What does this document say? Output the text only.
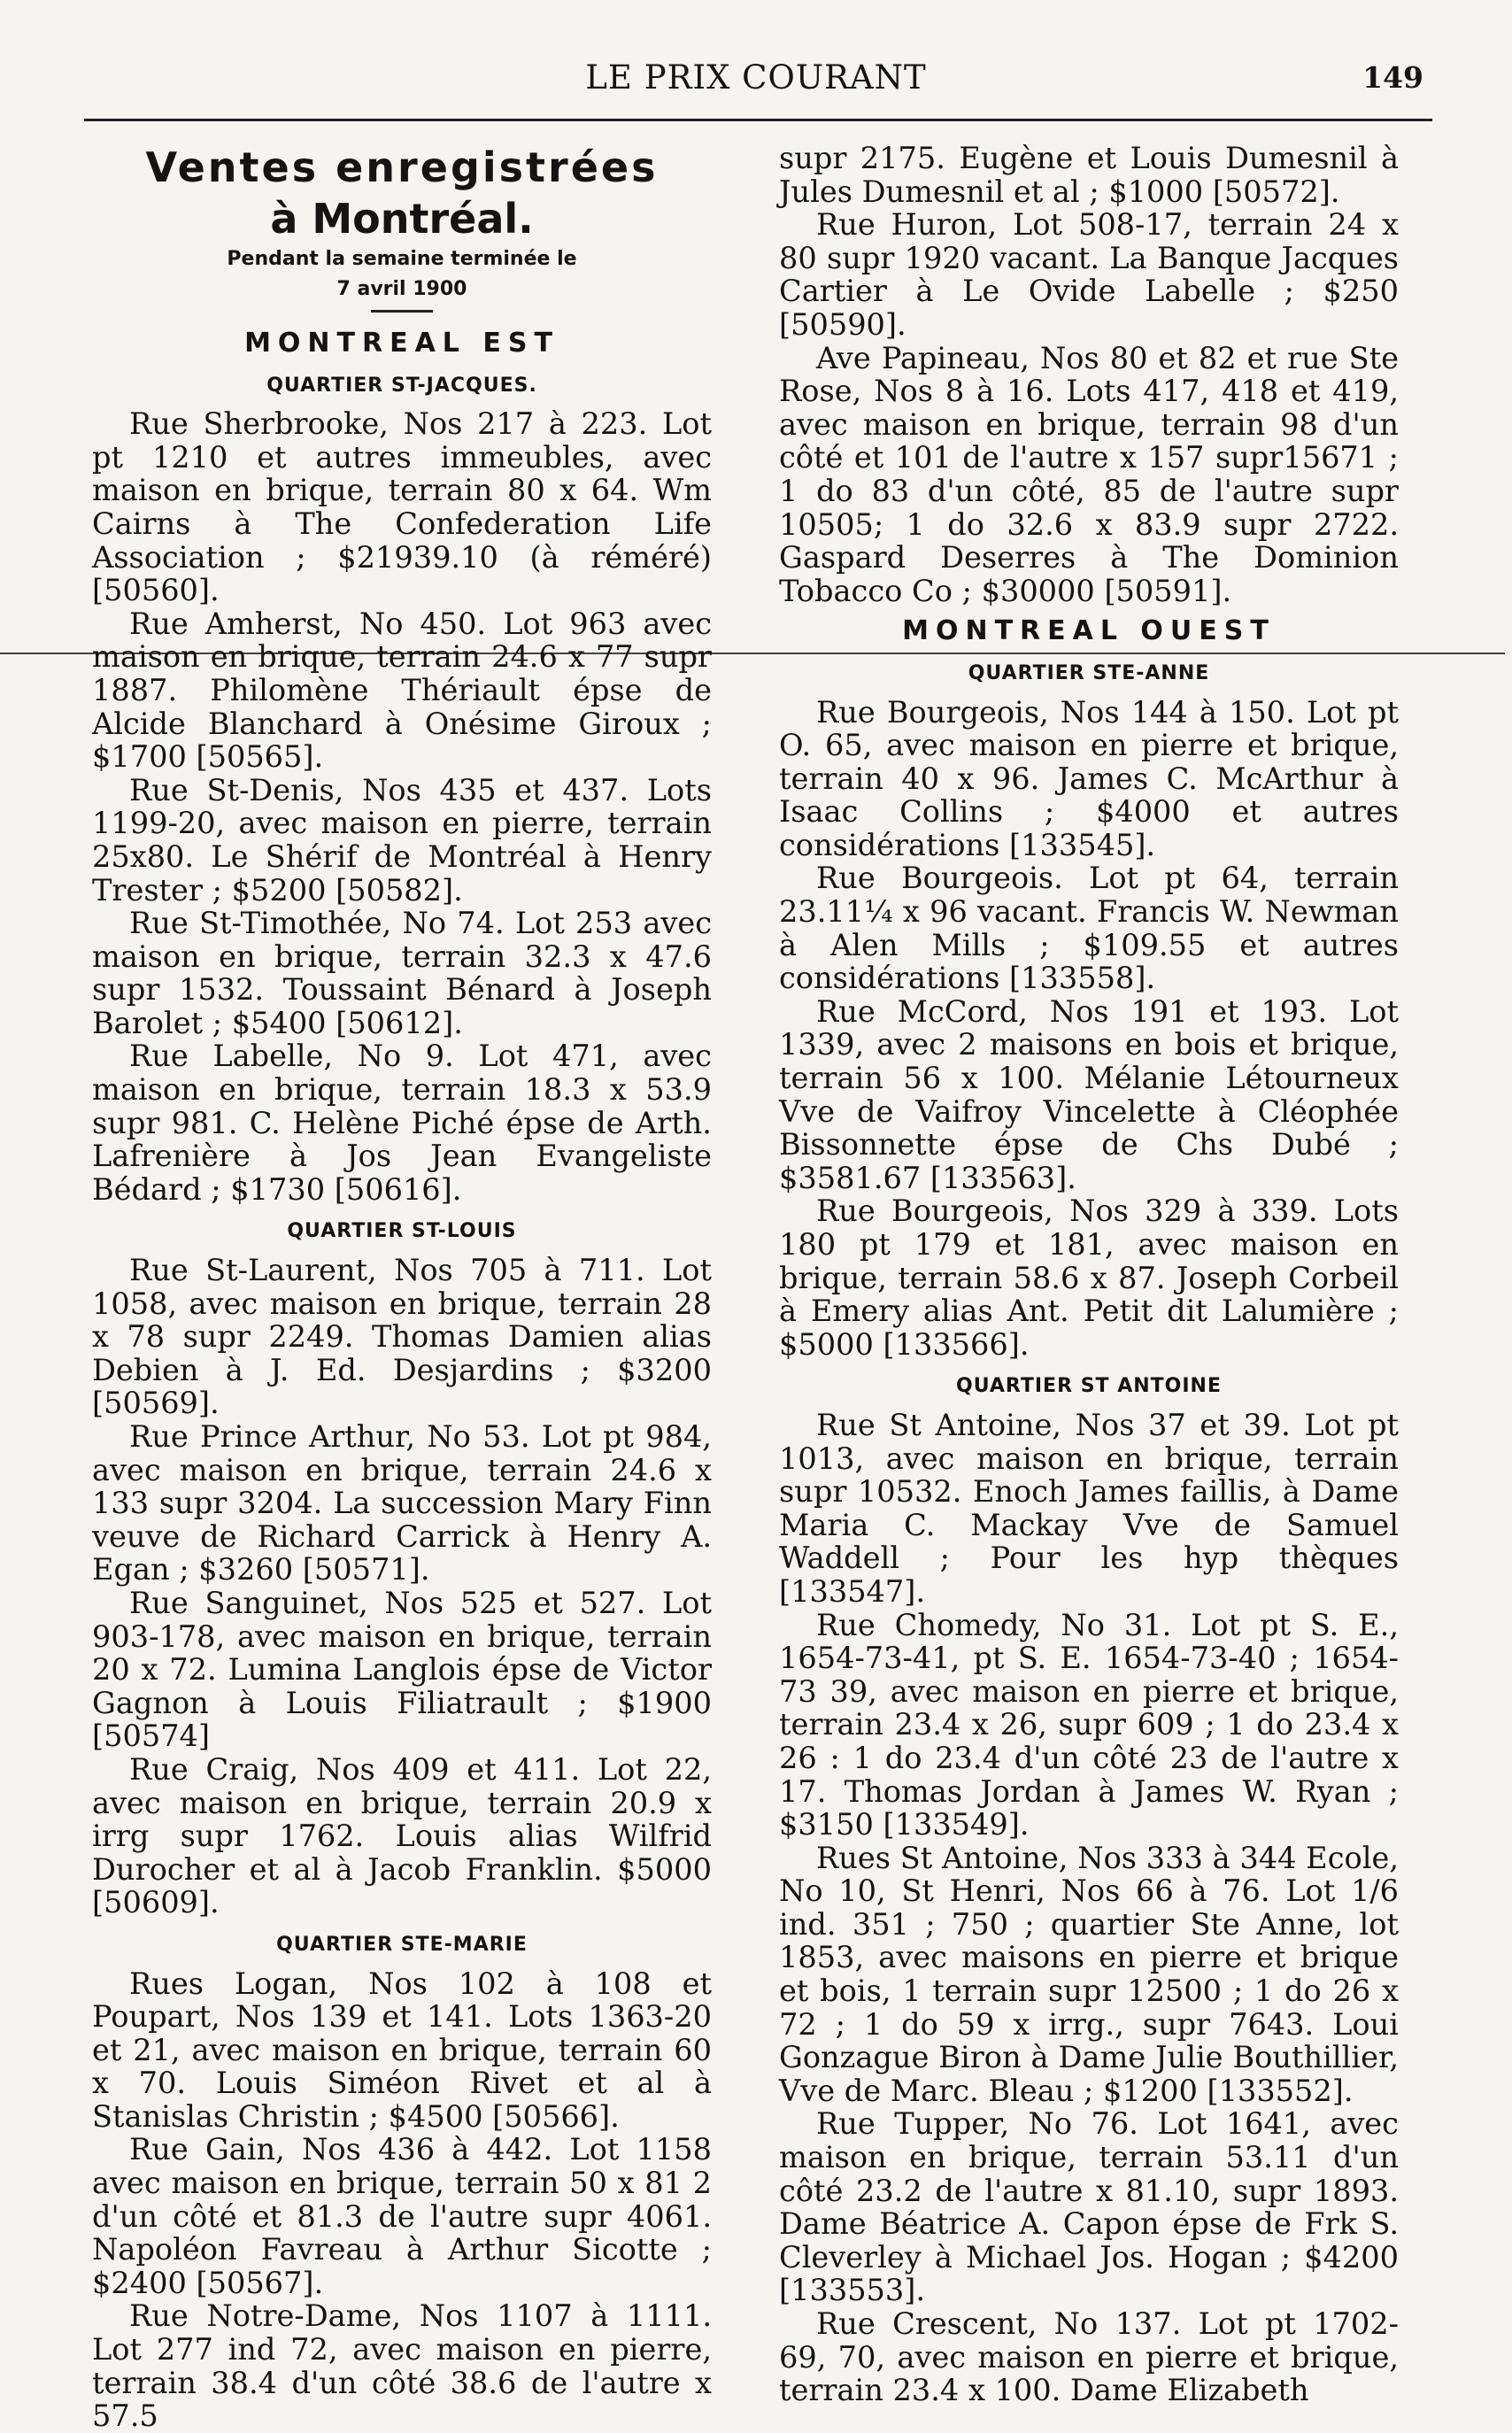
LE PRIX COURANT	149
Ventes enregistrées
à Montréal.
Pendant la semaine terminée le
7 avril 1900
MONTREAL EST
QUARTIER ST-JACQUES.

Rue Sherbrooke, Nos 217 à 223. Lot pt 1210 et autres immeubles, avec maison en brique, terrain 80 x 64. Wm Cairns à The Confederation Life Association ; $21939.10 (à réméré) [50560].

Rue Amherst, No 450. Lot 963 avec maison en brique, terrain 24.6 x 77 supr 1887. Philomène Thériault épse de Alcide Blanchard à Onésime Giroux ; $1700 [50565].

Rue St-Denis, Nos 435 et 437. Lots 1199-20, avec maison en pierre, terrain 25x80. Le Shérif de Montréal à Henry Trester ; $5200 [50582].

Rue St-Timothée, No 74. Lot 253 avec maison en brique, terrain 32.3 x 47.6 supr 1532. Toussaint Bénard à Joseph Barolet ; $5400 [50612].

Rue Labelle, No 9. Lot 471, avec maison en brique, terrain 18.3 x 53.9 supr 981. C. Helène Piché épse de Arth. Lafrenière à Jos Jean Evangeliste Bédard ; $1730 [50616].

QUARTIER ST-LOUIS

Rue St-Laurent, Nos 705 à 711. Lot 1058, avec maison en brique, terrain 28 x 78 supr 2249. Thomas Damien alias Debien à J. Ed. Desjardins ; $3200 [50569].

Rue Prince Arthur, No 53. Lot pt 984, avec maison en brique, terrain 24.6 x 133 supr 3204. La succession Mary Finn veuve de Richard Carrick à Henry A. Egan ; $3260 [50571].

Rue Sanguinet, Nos 525 et 527. Lot 903-178, avec maison en brique, terrain 20 x 72. Lumina Langlois épse de Victor Gagnon à Louis Filiatrault ; $1900 [50574]

Rue Craig, Nos 409 et 411. Lot 22, avec maison en brique, terrain 20.9 x irrg supr 1762. Louis alias Wilfrid Durocher et al à Jacob Franklin. $5000 [50609].

QUARTIER STE-MARIE

Rues Logan, Nos 102 à 108 et Poupart, Nos 139 et 141. Lots 1363-20 et 21, avec maison en brique, terrain 60 x 70. Louis Siméon Rivet et al à Stanislas Christin ; $4500 [50566].

Rue Gain, Nos 436 à 442. Lot 1158 avec maison en brique, terrain 50 x 81 2 d'un côté et 81.3 de l'autre supr 4061. Napoléon Favreau à Arthur Sicotte ; $2400 [50567].

Rue Notre-Dame, Nos 1107 à 1111. Lot 277 ind 72, avec maison en pierre, terrain 38.4 d'un côté 38.6 de l'autre x 57.5

supr 2175. Eugène et Louis Dumesnil à Jules Dumesnil et al ; $1000 [50572].

Rue Huron, Lot 508-17, terrain 24 x 80 supr 1920 vacant. La Banque Jacques Cartier à Le Ovide Labelle ; $250 [50590].

Ave Papineau, Nos 80 et 82 et rue Ste Rose, Nos 8 à 16. Lots 417, 418 et 419, avec maison en brique, terrain 98 d'un côté et 101 de l'autre x 157 supr15671 ; 1 do 83 d'un côté, 85 de l'autre supr 10505; 1 do 32.6 x 83.9 supr 2722. Gaspard Deserres à The Dominion Tobacco Co ; $30000 [50591].

MONTREAL OUEST
QUARTIER STE-ANNE

Rue Bourgeois, Nos 144 à 150. Lot pt O. 65, avec maison en pierre et brique, terrain 40 x 96. James C. McArthur à Isaac Collins ; $4000 et autres considérations [133545].

Rue Bourgeois. Lot pt 64, terrain 23.11¼ x 96 vacant. Francis W. Newman à Alen Mills ; $109.55 et autres considérations [133558].

Rue McCord, Nos 191 et 193. Lot 1339, avec 2 maisons en bois et brique, terrain 56 x 100. Mélanie Létourneux Vve de Vaifroy Vincelette à Cléophée Bissonnette épse de Chs Dubé ; $3581.67 [133563].

Rue Bourgeois, Nos 329 à 339. Lots 180 pt 179 et 181, avec maison en brique, terrain 58.6 x 87. Joseph Corbeil à Emery alias Ant. Petit dit Lalumière ; $5000 [133566].

QUARTIER ST ANTOINE

Rue St Antoine, Nos 37 et 39. Lot pt 1013, avec maison en brique, terrain supr 10532. Enoch James faillis, à Dame Maria C. Mackay Vve de Samuel Waddell ; Pour les hyp thèques [133547].

Rue Chomedy, No 31. Lot pt S. E., 1654-73-41, pt S. E. 1654-73-40 ; 1654-73 39, avec maison en pierre et brique, terrain 23.4 x 26, supr 609 ; 1 do 23.4 x 26 : 1 do 23.4 d'un côté 23 de l'autre x 17. Thomas Jordan à James W. Ryan ; $3150 [133549].

Rues St Antoine, Nos 333 à 344 Ecole, No 10, St Henri, Nos 66 à 76. Lot 1/6 ind. 351 ; 750 ; quartier Ste Anne, lot 1853, avec maisons en pierre et brique et bois, 1 terrain supr 12500 ; 1 do 26 x 72 ; 1 do 59 x irrg., supr 7643. Loui Gonzague Biron à Dame Julie Bouthillier, Vve de Marc. Bleau ; $1200 [133552].

Rue Tupper, No 76. Lot 1641, avec maison en brique, terrain 53.11 d'un côté 23.2 de l'autre x 81.10, supr 1893. Dame Béatrice A. Capon épse de Frk S. Cleverley à Michael Jos. Hogan ; $4200 [133553].

Rue Crescent, No 137. Lot pt 1702-69, 70, avec maison en pierre et brique, terrain 23.4 x 100. Dame Elizabeth
